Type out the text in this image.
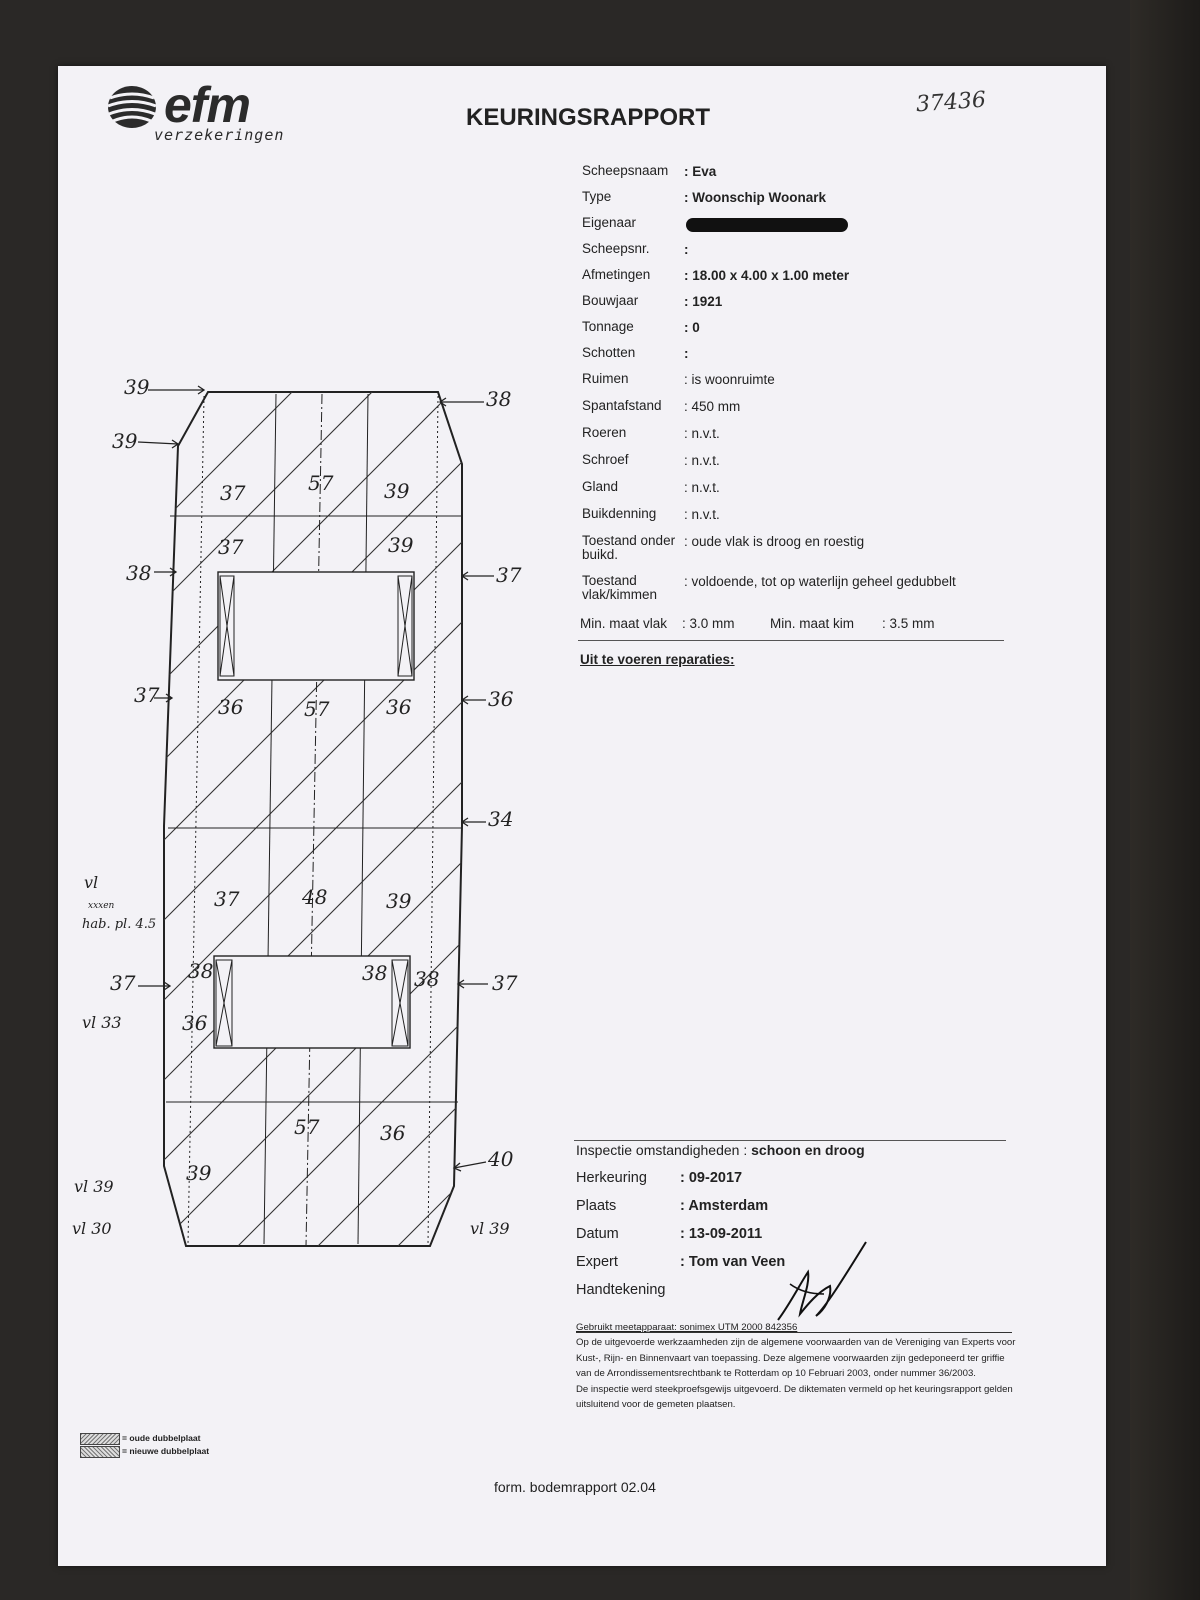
efm
verzekeringen
KEURINGSRAPPORT
37436
Scheepsnaam	: Eva
Type	: Woonschip Woonark
Eigenaar
Scheepsnr.	:
Afmetingen	: 18.00 x 4.00 x 1.00 meter
Bouwjaar	: 1921
Tonnage	: 0
Schotten	:
Ruimen	: is woonruimte
Spantafstand	: 450 mm
Roeren	: n.v.t.
Schroef	: n.v.t.
Gland	: n.v.t.
Buikdenning	: n.v.t.
Toestand onder buikd.
: oude vlak is droog en roestig
Toestand vlak/kimmen
: voldoende, tot op waterlijn geheel gedubbelt
Min. maat vlak : 3.0 mm	Min. maat kim : 3.5 mm
Uit te voeren reparaties:
Inspectie omstandigheden : schoon en droog
Herkeuring : 09-2017
Plaats	: Amsterdam
Datum	: 13-09-2011
Expert	: Tom van Veen
Handtekening
Gebruikt meetapparaat: sonimex UTM 2000 842356
Op de uitgevoerde werkzaamheden zijn de algemene voorwaarden van de Vereniging van Experts voor Kust-, Rijn- en Binnenvaart van toepassing. Deze algemene voorwaarden zijn gedeponeerd ter griffie van de Arrondissementsrechtbank te Rotterdam op 10 Februari 2003, onder nummer 36/2003.
De inspectie werd steekproefsgewijs uitgevoerd. De diktematen vermeld op het keuringsrapport gelden uitsluitend voor de gemeten plaatsen.
= oude dubbelplaat
= nieuwe dubbelplaat
form. bodemrapport 02.04
39
39
38
37
37
38
37
36
34
37
40
37	57	39
37	39
36	57	36
37	48	39
38	38 38
36
57	36
39
vl
xxxen
hab. pl. 4.5
vl 33
vl 39
vl 30	vl 39
